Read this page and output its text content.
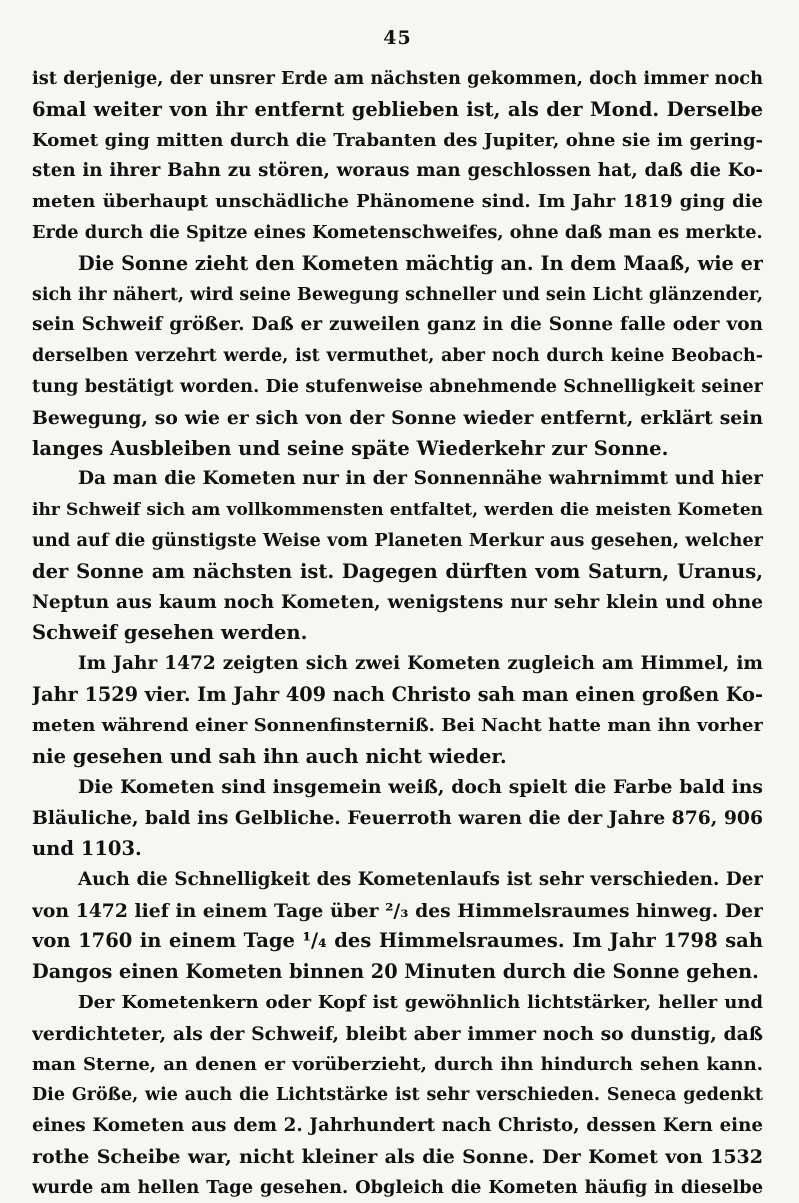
45
ist derjenige, der unsrer Erde am nächsten gekommen, doch immer noch
6mal weiter von ihr entfernt geblieben ist, als der Mond. Derselbe
Komet ging mitten durch die Trabanten des Jupiter, ohne sie im gering-
sten in ihrer Bahn zu stören, woraus man geschlossen hat, daß die Ko-
meten überhaupt unschädliche Phänomene sind. Im Jahr 1819 ging die
Erde durch die Spitze eines Kometenschweifes, ohne daß man es merkte.
Die Sonne zieht den Kometen mächtig an. In dem Maaß, wie er
sich ihr nähert, wird seine Bewegung schneller und sein Licht glänzender,
sein Schweif größer. Daß er zuweilen ganz in die Sonne falle oder von
derselben verzehrt werde, ist vermuthet, aber noch durch keine Beobach-
tung bestätigt worden. Die stufenweise abnehmende Schnelligkeit seiner
Bewegung, so wie er sich von der Sonne wieder entfernt, erklärt sein
langes Ausbleiben und seine späte Wiederkehr zur Sonne.
Da man die Kometen nur in der Sonnennähe wahrnimmt und hier
ihr Schweif sich am vollkommensten entfaltet, werden die meisten Kometen
und auf die günstigste Weise vom Planeten Merkur aus gesehen, welcher
der Sonne am nächsten ist. Dagegen dürften vom Saturn, Uranus,
Neptun aus kaum noch Kometen, wenigstens nur sehr klein und ohne
Schweif gesehen werden.
Im Jahr 1472 zeigten sich zwei Kometen zugleich am Himmel, im
Jahr 1529 vier. Im Jahr 409 nach Christo sah man einen großen Ko-
meten während einer Sonnenfinsterniß. Bei Nacht hatte man ihn vorher
nie gesehen und sah ihn auch nicht wieder.
Die Kometen sind insgemein weiß, doch spielt die Farbe bald ins
Bläuliche, bald ins Gelbliche. Feuerroth waren die der Jahre 876, 906
und 1103.
Auch die Schnelligkeit des Kometenlaufs ist sehr verschieden. Der
von 1472 lief in einem Tage über ²/₃ des Himmelsraumes hinweg. Der
von 1760 in einem Tage ¹/₄ des Himmelsraumes. Im Jahr 1798 sah
Dangos einen Kometen binnen 20 Minuten durch die Sonne gehen.
Der Kometenkern oder Kopf ist gewöhnlich lichtstärker, heller und
verdichteter, als der Schweif, bleibt aber immer noch so dunstig, daß
man Sterne, an denen er vorüberzieht, durch ihn hindurch sehen kann.
Die Größe, wie auch die Lichtstärke ist sehr verschieden. Seneca gedenkt
eines Kometen aus dem 2. Jahrhundert nach Christo, dessen Kern eine
rothe Scheibe war, nicht kleiner als die Sonne. Der Komet von 1532
wurde am hellen Tage gesehen. Obgleich die Kometen häufig in dieselbe
